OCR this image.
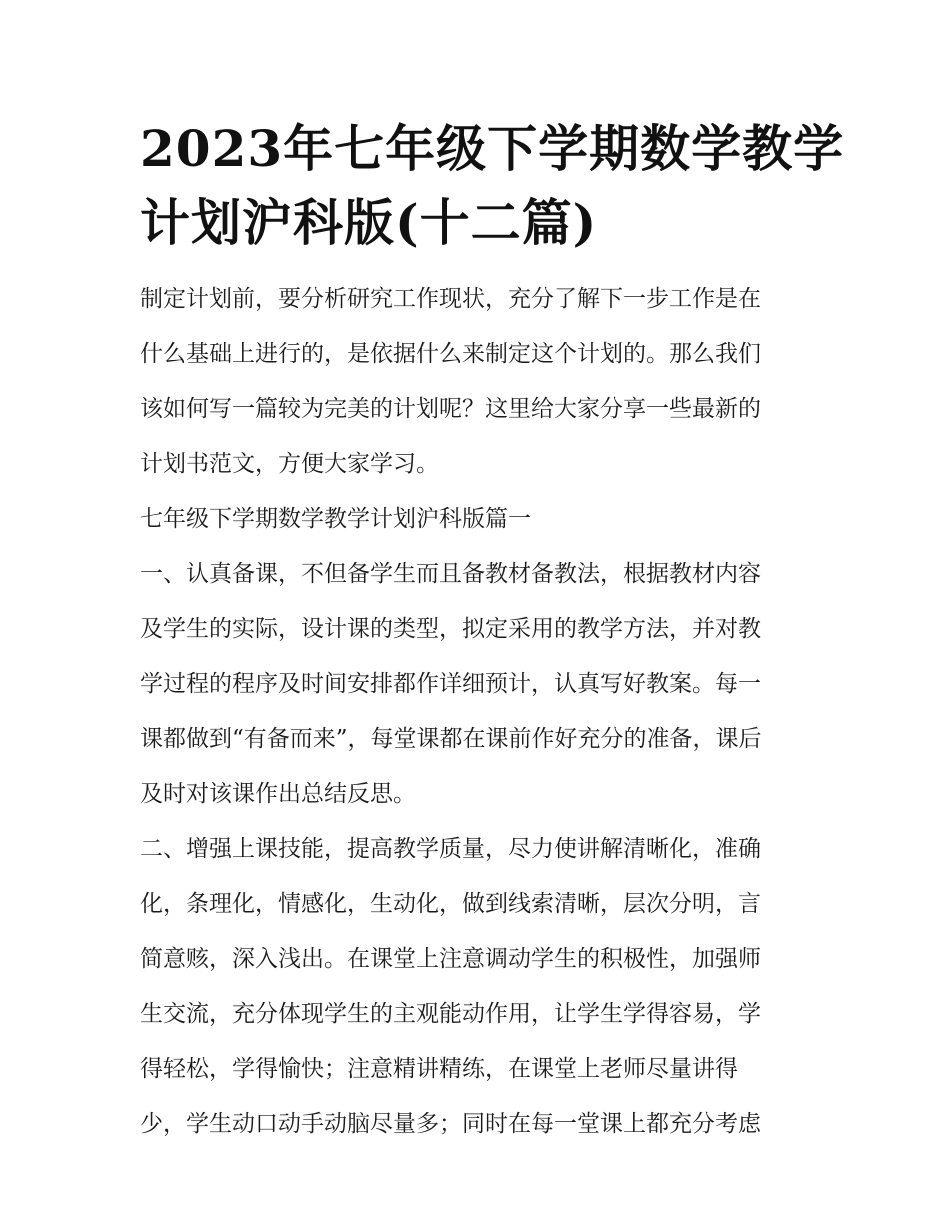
2023年七年级下学期数学教学
计划沪科版(十二篇)
制定计划前，要分析研究工作现状，充分了解下一步工作是在
什么基础上进行的，是依据什么来制定这个计划的。那么我们
该如何写一篇较为完美的计划呢？这里给大家分享一些最新的
计划书范文，方便大家学习。
七年级下学期数学教学计划沪科版篇一
一、认真备课，不但备学生而且备教材备教法，根据教材内容
及学生的实际，设计课的类型，拟定采用的教学方法，并对教
学过程的程序及时间安排都作详细预计，认真写好教案。每一
课都做到“有备而来”，每堂课都在课前作好充分的准备，课后
及时对该课作出总结反思。
二、增强上课技能，提高教学质量，尽力使讲解清晰化，准确
化，条理化，情感化，生动化，做到线索清晰，层次分明，言
简意赅，深入浅出。在课堂上注意调动学生的积极性，加强师
生交流，充分体现学生的主观能动作用，让学生学得容易，学
得轻松，学得愉快；注意精讲精练，在课堂上老师尽量讲得
少，学生动口动手动脑尽量多；同时在每一堂课上都充分考虑
